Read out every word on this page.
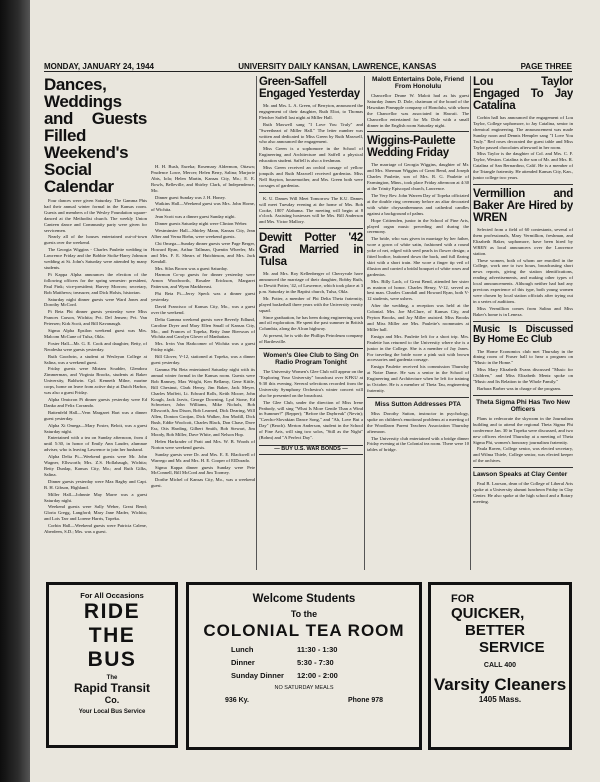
MONDAY, JANUARY 24, 1944	UNIVERSITY DAILY KANSAN, LAWRENCE, KANSAS	PAGE THREE
Dances, Weddings and Guests Filled Weekend's Social Calendar

Four dances were given Saturday. The Gamma Phis had their annual winter formal in the Kansas room. Guests and members of the Wesley Foundation square-danced at the Methodist church. The weekly Union Canteen dance and Community party were given for servicemen.

Nearly all of the houses entertained out-of-town guests over the weekend.

The Georgia Wiggins - Charles Paulette wedding in Lawrence Friday and the Bobbie Stoltz-Harry Johnson wedding at St. John's Saturday were attended by many students.

Pi Kappa Alpha announces the election of the following officers for the spring semester: president, Paul Fink; vice-president; Harvey Morrow; secretary, Bob Matthews; treasurer, and Dick Holsts, historian.

Saturday night dinner guests were Ward Jones and Dorothy McCord.

Pi Beta Phi dinner guests yesterday were Miss Frances Carson, Wichita; Pvt. Del Jensen; Pvt. Van Petersen; Kirk Scott, and Bill Kavanaugh.

Sigma Alpha Epsilon weekend guest was Mrs. Malcom McCune of Tulsa, Okla.

Foster Hall—Mr. G. E. Cook and daughter, Betty, of Neodesha were guests yesterday.

Ruth Goodwin, a student at Wesleyan College at Salina, was a weekend guest.

Friday guests were Miriam Scudder, Glendora Zimmerman, and Virginia Brooks, students at Baker University, Baldwin. Cpl. Kenneth Milne, marine corps, home on leave from active duty at Dutch Harbor, was also a guest Friday.

Alpha Omicron Pi dinner guests yesterday were Ed Danko and Felix Corrando.

Battenfeld Hall—Vern Margaret Hart was a dinner guest yesterday.

Alpha Xi Omega—Mary Foster, Beloit, was a guest Saturday night.

Entertained with a tea on Sunday afternoon, from 4 until 5:30, in honor of Emily Ann Lauder, alumnae adviser, who is leaving Lawrence to join her husband.

Alpha Delta Pi—Weekend guests were Mr. John Wagner, Ellsworth; Mrs. Z.S. Hollabaugh, Wichita; Betty Dunlap, Kansas City, Mo.; and Ruth Gilks, Salina.

Dinner guests yesterday were Max Bagby and Capt. B. H. Gibson, Highland.

Miller Hall—Johnnie May Marre was a guest Saturday night.

Weekend guests were Sally Weber, Great Bend; Gloria Gregg, Langford; Mary Jane Mader, Wichita; and Lois Tarr and Lorene Harris, Topeka.

Corbin Hall—Weekend guests were Patricia Calene, Aberdeen, S.D.; Mrs. was a guest.

H. H. Bush, Eureka; Rosemary Aldermon, Ottawa; Prudence Lowe, Mercer; Helen Berry, Salina; Marjorie Abts, Iola; Helen Martin, Kansas City, Mo.; E. E. Bowls, Belleville, and Shirley Clark, of Independence, Mo.

Dinner guest Sunday was J. H. Honey.

Watkins Hall—Weekend guest was Mrs. John Horne, of Wichita.

Jean Scott was a dinner guest Sunday night.

Dinner guests Saturday night were Clinton Weber.

Westminster Hall—Shirley Mann, Kansas City, Jean Alber and Verna Biehn, were weekend guests.

Chi Omega—Sunday dinner guests were Page Berger, Howard Ryan, Arthur Tallman, Quentin Wheeler, Mr. and Mrs. F. E. Shears of Hutchinson, and Mrs. Jack Kendall.

Mrs. Silas Brown was a guest Saturday.

Harmon Co-op guests for dinner yesterday were Arnon Woodworth, Rosalee Erickson, Margaret Patterson, and Wynn Markbreast.

Phi Beta Pi—Jerry Speck was a dinner guest yesterday.

David Francisco of Kansas City, Mo., was a guest over the weekend.

Delta Gamma weekend guests were Beverly Edlund, Caroline Dryer and Mary Ellen Small of Kansas City, Mo., and Frances of Topeka, Betty Jane Bierwurs of Wichita and Carolyn Glover of Manhattan.

Mrs. Irvin Van Harkcomer of Wichita was a guest Friday night.

Bill Glover, V-12, stationed at Topeka, was a dinner guest yesterday.

Gamma Phi Beta entertained Saturday night with its annual winter formal in the Kansas room. Guests were Bob Ramsey, Max Wright, Ken Bellamy, Gene Kittle, Bill Chestnut, Clark Henry, Jim Baker, Jack Meyer, Charles Moffett, Lt. Edward Rolls, Keith Moore, John Kough, Jack Jarvis, George Downing, Lyal Stone, Ed Schweizer, John Williams, Mike Nichols, Bob Ellsworth, Jim Dixon, Bob Learned, Dick Dearing, Will Allen, Donton Grotjan, Dick Walker, Jim Modill, Dick Bush, Eddie Woolcott, Charles Black, Don Chase, Dave Ess, Otis Harding, Gilbert Smith, Bob Stewart, Jim Moody, Bob Miller, Dave White, and Nelson Hop.

Helen Harkrader of Pratt and Mrs. W. B. Woods of Norton were weekend guests.

Sunday guests were Dr. and Mrs. E. E. Blackwell of Warrego and Mr. and Mrs. H. E. Cooper of ElDorado.

Sigma Kappa dinner guests Sunday were Pete McConnell, Bill McCord and Jim Toomey.

Dorthe Michel of Kansas City, Mo., was a weekend guest.

Green-Saffell Engaged Yesterday

Mr. and Mrs. L. A. Green, of Berryton, announced the engagement of their daughter, Ruth Eliot, to Thomas Fletcher Saffell last night at Miller Hall.

Ruth Maxwell sang "I Love You Truly" and "Sweetheart of Miller Hall." The letter number was written and dedicated to Miss Green by Ruth Maxwell, who also announced the engagement.

Miss Green is a sophomore in the School of Engineering and Architecture and Saffell a physical education student. Saffell is also a freshman.

Miss Green received an orchid corsage of yellow jonquils and Ruth Maxwell received gardenias. Miss Nell Stayton, housemother, and Mrs. Green both were corsages of gardenias.

K. U. Dames Will Meet Tomorrow The K.U. Dames will meet Tuesday evening at the home of Mrs. Bob Cooke, 1807 Alabama. The meeting will begin at 8 o'clock. Assisting hostesses will be Mrs. Bill Anderson and Mrs. Victor Mallory.

Dewitt Potter '42 Grad Married in Tulsa

Mr. and Mrs. Roy Kellenberger of Cherryvale have announced the marriage of their daughter, Bobby Ruth, to Dewitt Potter, '42, of Lawrence, which took place at 3 p.m. Saturday in the Baptist church, Tulsa, Okla.

Mr. Potter, a member of Phi Delta Theta fraternity, played basketball three years with the University varsity squad.

Since graduation, he has been doing engineering work and oil exploration. He spent the past summer in British Columbia, along the Alcan highway.

At present, he is with the Phillips Petroleum company of Bartlesville.

Women's Glee Club to Sing On Radio Program Tonight

The University Women's Glee Club will appear on the "Exploring Your University" broadcast over KFKU at 9:30 this evening. Several selections recorded from the University Symphony Orchestra's winter concert will also be presented on the broadcast.

The Glee Club, under the direction of Miss Irene Peabody, will sing "What Is More Gentle Than a Wind in Summer?" (Repper); "Before the Daybreak" (Nevin); "Czecho-Slovakian Dance Song," and "Ah, Love But a Day" (Beach). Merton Anderson, student in the School of Fine Arts, will sing two solos, "Still as the Night" (Bohm) and "A Perfect Day".

— BUY U.S. WAR BONDS —
Malott Entertains Dole, Friend From Honolulu

Chancellor Deane W. Malott had as his guest Saturday James D. Dole, chairman of the board of the Hawaiian Pineapple company of Honolulu, with whom the Chancellor was associated in Hawaii. The Chancellor entertained for Mr. Dole with a small dinner in the English room Saturday night.

Wiggins-Paulette Wedding Friday

The marriage of Georgia Wiggins, daughter of Mr. and Mrs. Sherman Wiggins of Great Bend, and Joseph Charles Paulette, son of Mrs. R. G. Paulette of Farmington, Minn., took place Friday afternoon at 4:30 at the Trinity Episcopal church, Lawrence.

The Very Rev. John Warren Day of Topeka officiated at the double ring ceremony before an altar decorated with white chrysanthemums and cathedral candles against a background of palms.

Hope Crittenden, junior in the School of Fine Arts, played organ music preceding and during the ceremony.

The bride, who was given in marriage by her father, wore a gown of white satin, fashioned with a round yoke of net, edged with seed pearls in flower design; a fitted bodice, buttoned down the back, and full flaring skirt with a short train. She wore a finger tip veil of illusion and carried a bridal bouquet of white roses and gardenias.

Mrs. Billy Lach, of Great Bend, attended her sister as matron of honor. Charles Henry, V-12, served as best man. Charles Crandall and Howard Ryan, both V-12 students, were ushers.

After the wedding, a reception was held at the Colonial. Mrs. Joe McClure, of Kansas City, and Peyton Brooks, and Joy Miller assisted. Miss Brooks and Miss Miller are Mrs. Paulette's roommates at Miller hall.

Ensign and Mrs. Paulette left for a short trip. Mrs. Paulette has returned to the University where she is a junior in the College. She is a member of Jay Janes. For traveling the bride wore a pink suit with brown accessories and gardenia corsage.

Ensign Paulette received his commission Thursday at Notre Dame. He was a senior in the School of Engineering and Architecture when he left for training in October. He is a member of Theta Tau, engineering fraternity.

Miss Sutton Addresses PTA

Miss Dorothy Sutton, instructor in psychology, spoke on children's emotional problems at a meeting of the Woodlawn Parent Teachers Association Thursday afternoon.

The University club entertained with a bridge dinner Friday evening at the Colonial tea room. There were 10 tables of bridge.

Lou Taylor Engaged To Jay Catalina

Corbin hall has announced the engagement of Lou Taylor, College sophomore, to Jay Catalina, senior in chemical engineering. The announcement was made Sunday noon and Dennis Hempler sang "I Love You Truly." Red roses decorated the guest table and Miss Taylor passed chocolates afterward in her room.

Miss Taylor is the daughter of Col. and Mrs. C. F. Taylor, Weston. Catalina is the son of Mr. and Mrs. R. Catalina of San Bernardino, Calif. He is a member of the Triangle fraternity. He attended Kansas City, Kan., junior college two years.

Vermillion and Baker Are Hired by WREN

Selected from a field of 60 contestants, several of them professionals, Mary Vermillion, freshman, and Elizabeth Baker, sophomore, have been hired by WREN as local announcers over the Lawrence station.

These women, both of whom are enrolled in the College, work one to two hours, broadcasting short news reports, giving the station identifications, reading advertisements, and making other types of local announcements. Although neither had had any previous experience of this type, both young women were chosen by local station officials after trying out in a series of auditions.

Miss Vermillion comes from Salina and Miss Baker's home is in Lenexa.

Music Is Discussed By Home Ec Club

The Home Economics club met Thursday in the dining room of Fraser hall to hear a program on "Music in the Home."

Miss Mary Elizabeth Evans discussed "Music for Children," and Miss Elizabeth Mentz spoke on "Music and Its Relation to the Whole Family."

Barbara Barber was in charge of the program.

Theta Sigma Phi Has Two New Officers

Plans to redecorate the skyroom in the Journalism building and to attend the regional Theta Sigma Phi conference Jan. 30 in Topeka were discussed, and two new officers elected Thursday at a meeting of Theta Sigma Phi, women's honorary journalism fraternity.

Paula Raven, College senior, was elected secretary, and Wilma Thiele, College senior, was elected keeper of the archives.

Lawson Speaks at Clay Center

Paul B. Lawson, dean of the College of Liberal Arts spoke at a University alumni luncheon Friday in Clay Center. He also spoke at the high school and a Rotary meeting.

For All Occasions
RIDE
THE
BUS
The
Rapid Transit
Co.
Your Local Bus Service
Welcome Students
To the
COLONIAL TEA ROOM
Lunch	11:30 - 1:30
Dinner	5:30 - 7:30
Sunday Dinner	12:00 - 2:00
NO SATURDAY MEALS
936 Ky.	Phone 978
FOR
QUICKER,
BETTER
SERVICE
CALL 400
Varsity Cleaners
1405 Mass.
